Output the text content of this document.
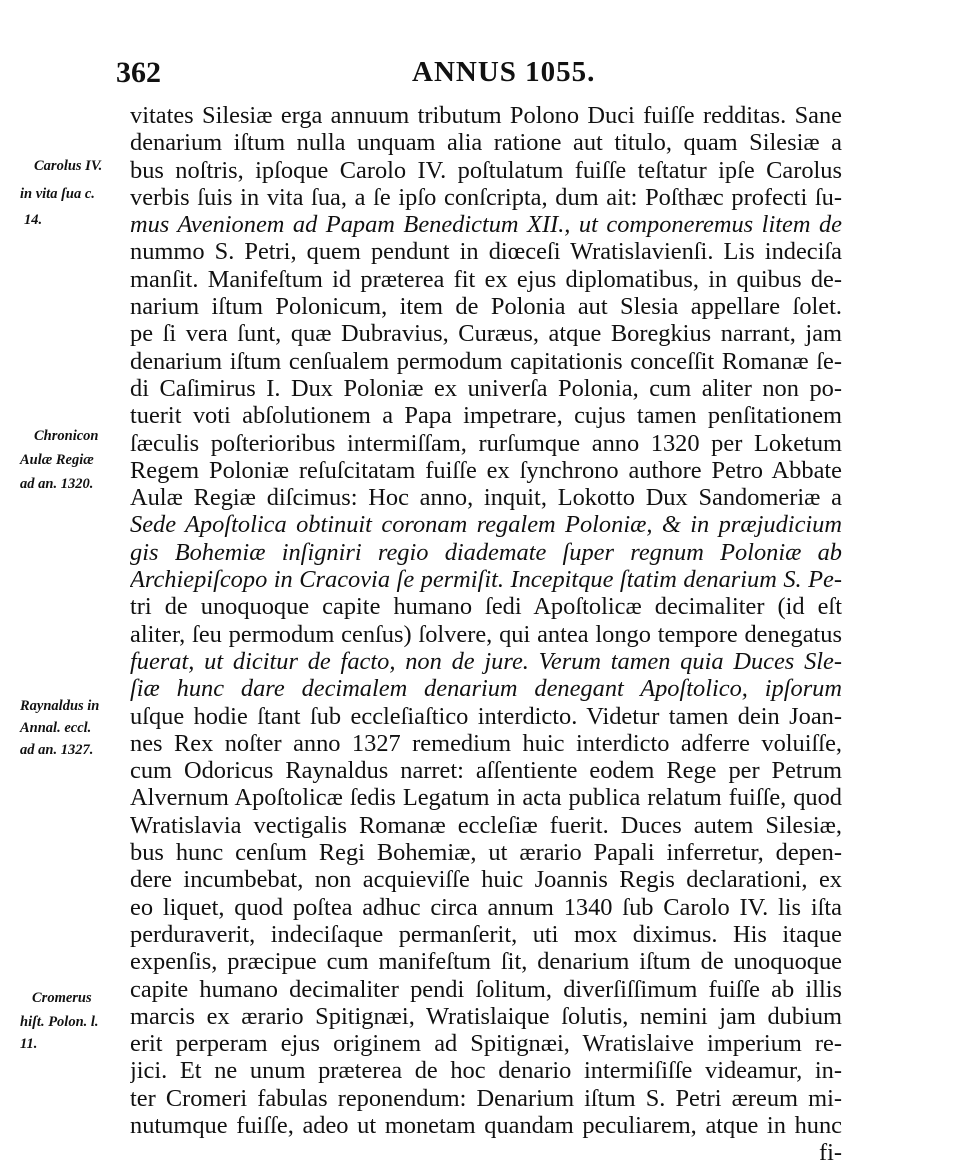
362	ANNUS 1055.
Carolus IV.
in vita ſua c.
14.
Chronicon
Aulæ Regiæ
ad an. 1320.
Raynaldus in
Annal. eccl.
ad an. 1327.
Cromerus
hiſt. Polon. l.
11.
vitates Silesiæ erga annuum tributum Polono Duci fuiſſe redditas. Sane
denarium iſtum nulla unquam alia ratione aut titulo, quam Silesiæ a
bus noſtris, ipſoque Carolo IV. poſtulatum fuiſſe teſtatur ipſe Carolus
verbis ſuis in vita ſua, a ſe ipſo conſcripta, dum ait: Poſthæc profecti ſu-
mus Avenionem ad Papam Benedictum XII., ut componeremus litem de
nummo S. Petri, quem pendunt in diœceſi Wratislavienſi. Lis indeciſa
manſit. Manifeſtum id præterea fit ex ejus diplomatibus, in quibus de-
narium iſtum Polonicum, item de Polonia aut Slesia appellare ſolet.
pe ſi vera ſunt, quæ Dubravius, Curæus, atque Boregkius narrant, jam
denarium iſtum cenſualem permodum capitationis conceſſit Romanæ ſe-
di Caſimirus I. Dux Poloniæ ex univerſa Polonia, cum aliter non po-
tuerit voti abſolutionem a Papa impetrare, cujus tamen penſitationem
ſæculis poſterioribus intermiſſam, rurſumque anno 1320 per Loketum
Regem Poloniæ reſuſcitatam fuiſſe ex ſynchrono authore Petro Abbate
Aulæ Regiæ diſcimus: Hoc anno, inquit, Lokotto Dux Sandomeriæ a
Sede Apoſtolica obtinuit coronam regalem Poloniæ, & in præjudicium
gis Bohemiæ inſigniri regio diademate ſuper regnum Poloniæ ab
Archiepiſcopo in Cracovia ſe permiſit. Incepitque ſtatim denarium S. Pe-
tri de unoquoque capite humano ſedi Apoſtolicæ decimaliter (id eſt
aliter, ſeu permodum cenſus) ſolvere, qui antea longo tempore denegatus
fuerat, ut dicitur de facto, non de jure. Verum tamen quia Duces Sle-
ſiæ hunc dare decimalem denarium denegant Apoſtolico, ipſorum
uſque hodie ſtant ſub eccleſiaſtico interdicto. Videtur tamen dein Joan-
nes Rex noſter anno 1327 remedium huic interdicto adferre voluiſſe,
cum Odoricus Raynaldus narret: aſſentiente eodem Rege per Petrum
Alvernum Apoſtolicæ ſedis Legatum in acta publica relatum fuiſſe, quod
Wratislavia vectigalis Romanæ eccleſiæ fuerit. Duces autem Silesiæ,
bus hunc cenſum Regi Bohemiæ, ut ærario Papali inferretur, depen-
dere incumbebat, non acquieviſſe huic Joannis Regis declarationi, ex
eo liquet, quod poſtea adhuc circa annum 1340 ſub Carolo IV. lis iſta
perduraverit, indeciſaque permanſerit, uti mox diximus. His itaque
expenſis, præcipue cum manifeſtum ſit, denarium iſtum de unoquoque
capite humano decimaliter pendi ſolitum, diverſiſſimum fuiſſe ab illis
marcis ex ærario Spitignæi, Wratislaique ſolutis, nemini jam dubium
erit perperam ejus originem ad Spitignæi, Wratislaive imperium re-
jici. Et ne unum præterea de hoc denario intermiſiſſe videamur, in-
ter Cromeri fabulas reponendum: Denarium iſtum S. Petri æreum mi-
nutumque fuiſſe, adeo ut monetam quandam peculiarem, atque in hunc
fi-
